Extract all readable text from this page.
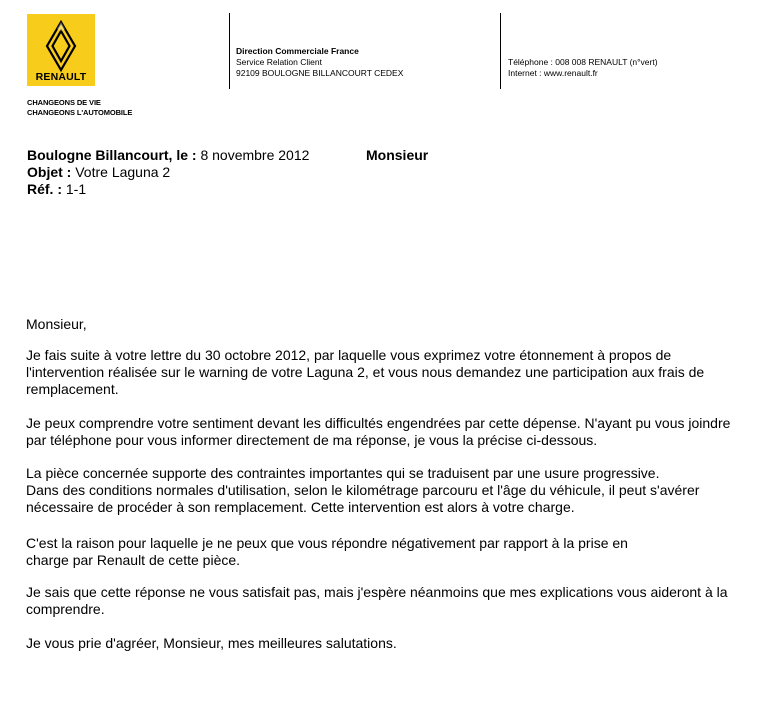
RENAULT
CHANGEONS DE VIE
CHANGEONS L'AUTOMOBILE
Direction Commerciale France
Service Relation Client
92109 BOULOGNE BILLANCOURT CEDEX
Téléphone : 008 008 RENAULT (n°vert)
Internet : www.renault.fr
Boulogne Billancourt, le : 8 novembre 2012	Monsieur
Objet : Votre Laguna 2
Réf. : 1-1

Monsieur,

Je fais suite à votre lettre du 30 octobre 2012, par laquelle vous exprimez votre étonnement à propos de l'intervention réalisée sur le warning de votre Laguna 2, et vous nous demandez une participation aux frais de remplacement.

Je peux comprendre votre sentiment devant les difficultés engendrées par cette dépense. N'ayant pu vous joindre par téléphone pour vous informer directement de ma réponse, je vous la précise ci-dessous.

La pièce concernée supporte des contraintes importantes qui se traduisent par une usure progressive.
Dans des conditions normales d'utilisation, selon le kilométrage parcouru et l'âge du véhicule, il peut s'avérer nécessaire de procéder à son remplacement. Cette intervention est alors à votre charge.

C'est la raison pour laquelle je ne peux que vous répondre négativement par rapport à la prise en charge par Renault de cette pièce.

Je sais que cette réponse ne vous satisfait pas, mais j'espère néanmoins que mes explications vous aideront à la comprendre.

Je vous prie d'agréer, Monsieur, mes meilleures salutations.
